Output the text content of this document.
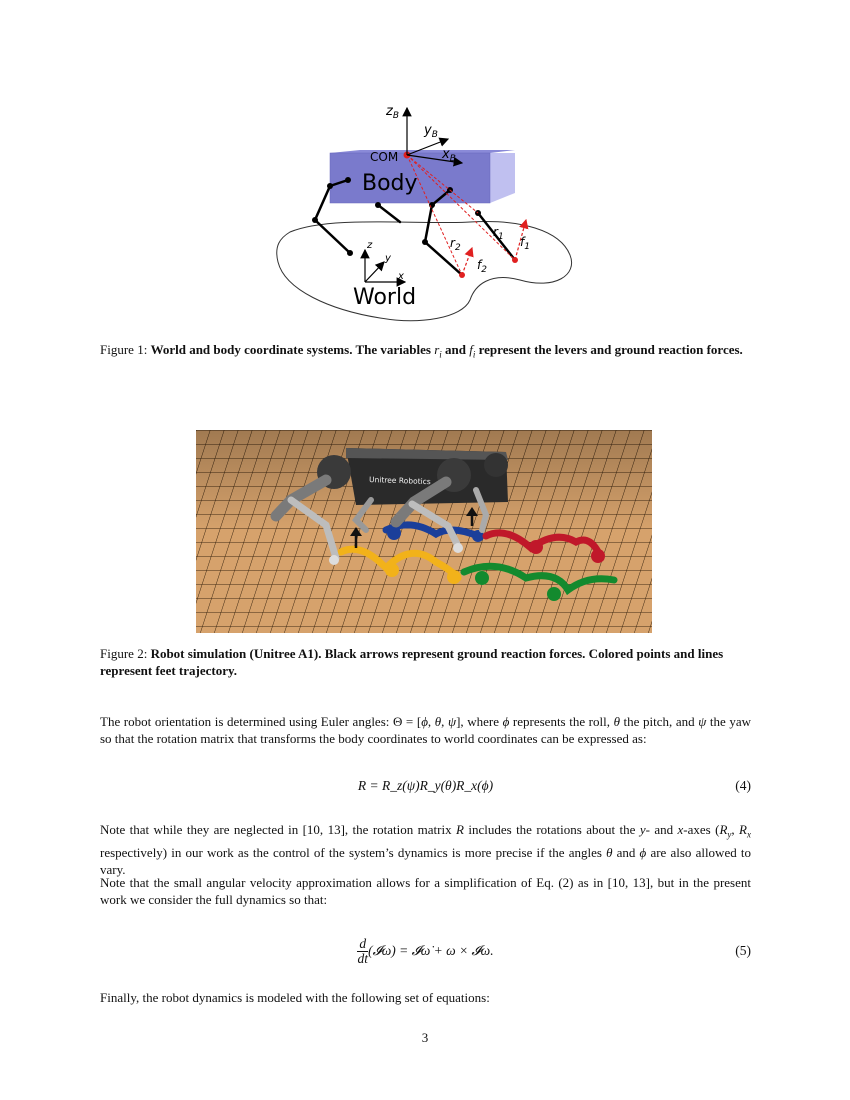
$z_B$
$y_B$
$x_B$
COM
Body
World
z
y
x
$r_1$
$r_2$	$f_1$
$f_2$
Figure 1: World and body coordinate systems. The variables $r_i$ and $f_i$ represent the levers and ground reaction forces.
Unitree Robotics
Figure 2: Robot simulation (Unitree A1). Black arrows represent ground reaction forces. Colored points and lines represent feet trajectory.
The robot orientation is determined using Euler angles: Θ = [ϕ, θ, ψ], where ϕ represents the roll, θ the pitch, and ψ the yaw so that the rotation matrix that transforms the body coordinates to world coordinates can be expressed as:
R = R_z(ψ)R_y(θ)R_x(ϕ)	(4)
Note that while they are neglected in [10, 13], the rotation matrix R includes the rotations about the y- and x-axes ($R_y$, $R_x$ respectively) in our work as the control of the system’s dynamics is more precise if the angles θ and ϕ are also allowed to vary.
Note that the small angular velocity approximation allows for a simplification of Eq. (2) as in [10, 13], but in the present work we consider the full dynamics so that:
$\frac{d}{dt}$ (𝓘ω) = 𝓘ω̇ + ω × 𝓘ω.	(5)
Finally, the robot dynamics is modeled with the following set of equations:
3
